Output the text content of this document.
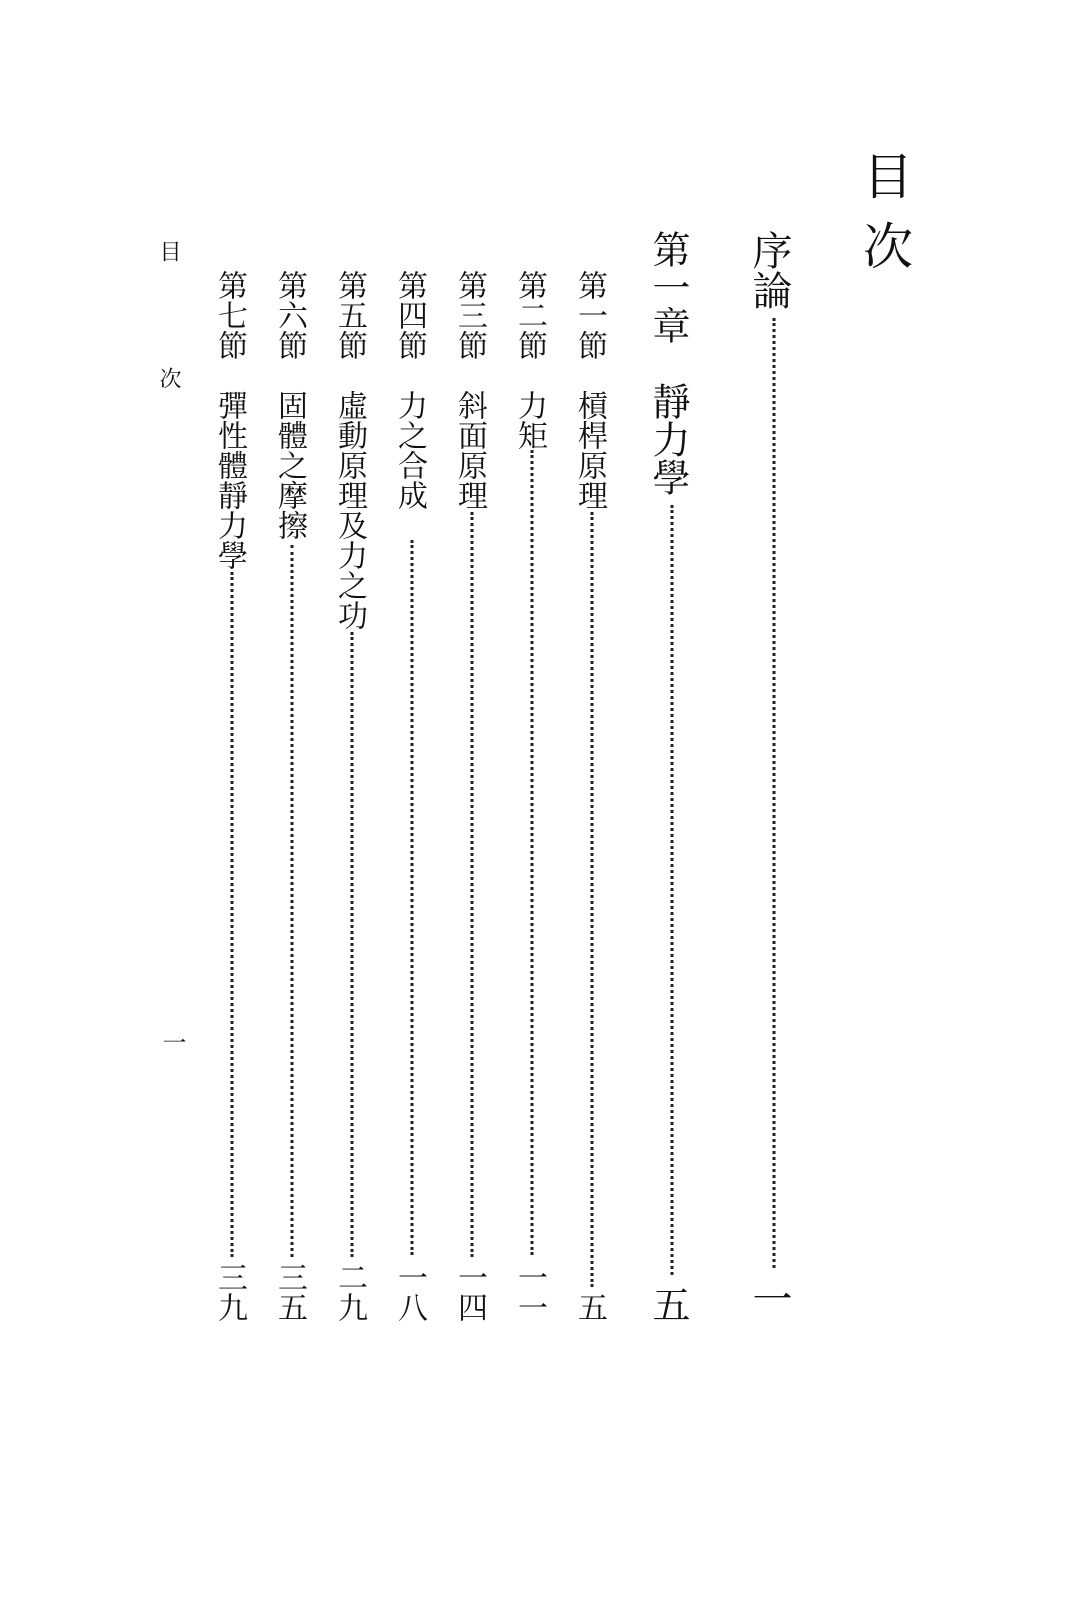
目次
序論
一
第一章　靜力學
五
第一節　槓桿原理
五
第二節　力矩
一一
第三節　斜面原理
一四
第四節　力之合成
一八
第五節　虛動原理及力之功
二九
第六節　固體之摩擦
三五
第七節　彈性體靜力學
三九
目 次
一
